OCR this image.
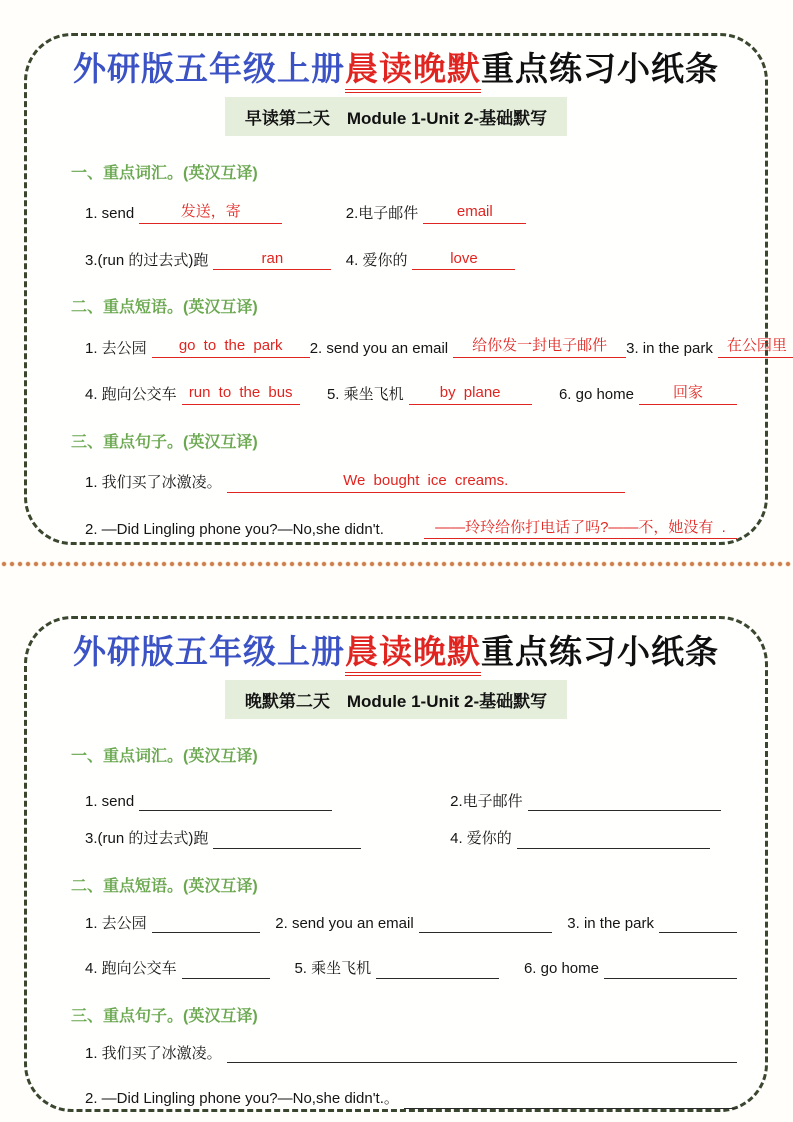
外研版五年级上册晨读晚默重点练习小纸条
早读第二天　Module 1-Unit 2-基础默写
一、重点词汇。(英汉互译)
1. send	发送，寄	2.电子邮件	email
3.(run 的过去式)跑	ran	4. 爱你的	love
二、重点短语。(英汉互译)
1. 去公园	go to the park	2. send you an email	给你发一封电子邮件	3. in the park 在公园里
4. 跑向公交车 run to the bus	5. 乘坐飞机	by plane	6. go home	回家
三、重点句子。(英汉互译)
1. 我们买了冰激凌。	We bought ice creams.
2. —Did Lingling phone you?—No,she didn't.	——玲玲给你打电话了吗?——不，她没有 .
外研版五年级上册晨读晚默重点练习小纸条
晚默第二天　Module 1-Unit 2-基础默写
一、重点词汇。(英汉互译)
1. send	2.电子邮件
3.(run 的过去式)跑	4. 爱你的
二、重点短语。(英汉互译)
1. 去公园	2. send you an email	3. in the park
4. 跑向公交车	5. 乘坐飞机	6. go home
三、重点句子。(英汉互译)
1. 我们买了冰激凌。
2. —Did Lingling phone you?—No,she didn't.。
